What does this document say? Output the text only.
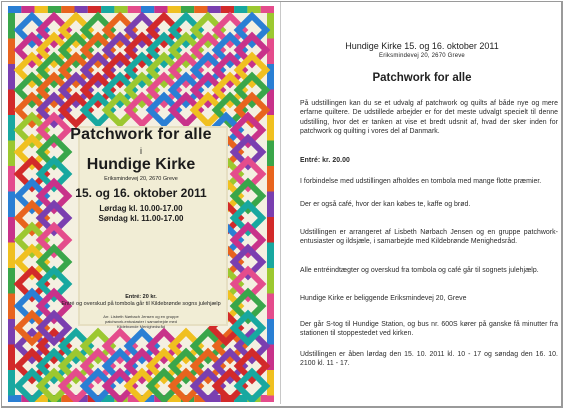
Patchwork for alle
i
Hundige Kirke
Eriksmindevej 20, 2670 Greve
15. og 16. oktober 2011
Lørdag kl. 10.00-17.00
Søndag kl. 11.00-17.00
Entré: 20 kr.
Entré og overskud på tombola går til Kildebrønde sogns julehjælp
Arr. Lisbeth Nørbach Jensen og en gruppe
patchwork-entusiaster i samarbejde med
Kildebrønde Menighedsråd
Hundige Kirke 15. og 16. oktober 2011
Eriksmindevej 20, 2670 Greve
Patchwork for alle
På udstillingen kan du se et udvalg af patchwork og quilts af både nye og mere erfarne quiltere. De udstillede arbejder er for det meste udvalgt specielt til denne udstilling, hvor det er tanken at vise et bredt udsnit af, hvad der sker inden for patchwork og quilting i vores del af Danmark.
Entré: kr. 20.00
I forbindelse med udstillingen afholdes en tombola med mange flotte præmier.
Der er også café, hvor der kan købes te, kaffe og brød.
Udstillingen er arrangeret af Lisbeth Nørbach Jensen og en gruppe patchwork-entusiaster og ildsjæle, i samarbejde med Kildebrønde Menighedsråd.
Alle entréindtægter og overskud fra tombola og café går til sognets julehjælp.
Hundige Kirke er beliggende Eriksmindevej 20, Greve
Der går S-tog til Hundige Station, og bus nr. 600S kører på ganske få minutter fra stationen til stoppestedet ved kirken.
Udstillingen er åben lørdag den 15. 10. 2011 kl. 10 - 17 og søndag den 16. 10. 2100 kl. 11 - 17.
